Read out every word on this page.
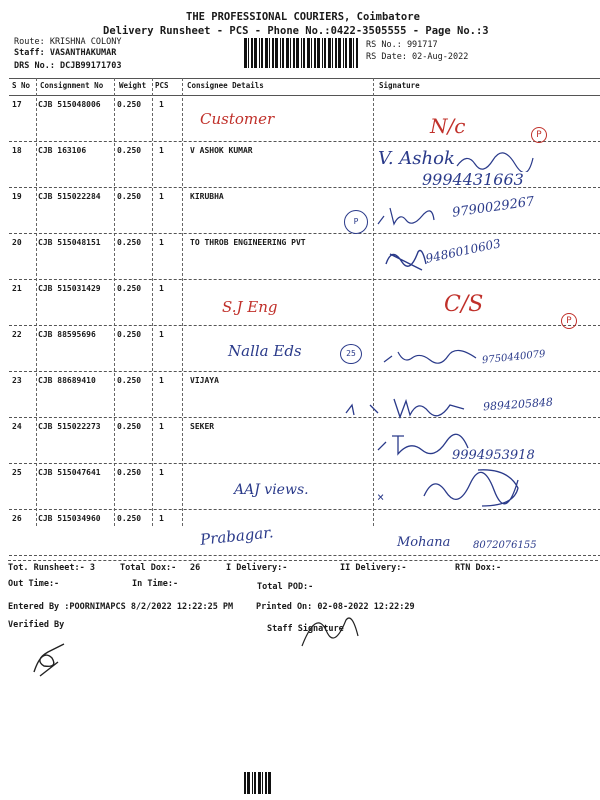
THE PROFESSIONAL COURIERS, Coimbatore
Delivery Runsheet - PCS - Phone No.:0422-3505555 - Page No.:3
Route: KRISHNA COLONY
Staff: VASANTHAKUMAR
DRS No.: DCJB99171703
RS No.: 991717
RS Date: 02-Aug-2022
S No Consignment No Weight PCS Consignee Details	Signature
17 CJB 515048006 0.250 1
18 CJB 163106	0.250 1	V ASHOK KUMAR
19 CJB 515022284 0.250 1	KIRUBHA
20 CJB 515048151 0.250 1	TO THROB ENGINEERING PVT
21 CJB 515031429 0.250 1
22 CJB 88595696	0.250 1
23 CJB 88689410	0.250 1	VIJAYA
24 CJB 515022273 0.250 1	SEKER
25 CJB 515047641 0.250 1
26 CJB 515034960 0.250 1
Customer	N/c	P
V. Ashok
9994431663
P
9790029267
9486010603
S.J Eng	C/S
P
Nalla Eds	25	9750440079
9894205848
9994953918
AAJ views.	×
Prabagar.	Mohana 8072076155
Tot. Runsheet:- 3	Total Dox:- 26	I Delivery:-	II Delivery:-	RTN Dox:-
Out Time:-	In Time:-	Total POD:-
Entered By :POORNIMAPCS 8/2/2022 12:22:25 PM	Printed On: 02-08-2022 12:22:29
Verified By	Staff Signature
